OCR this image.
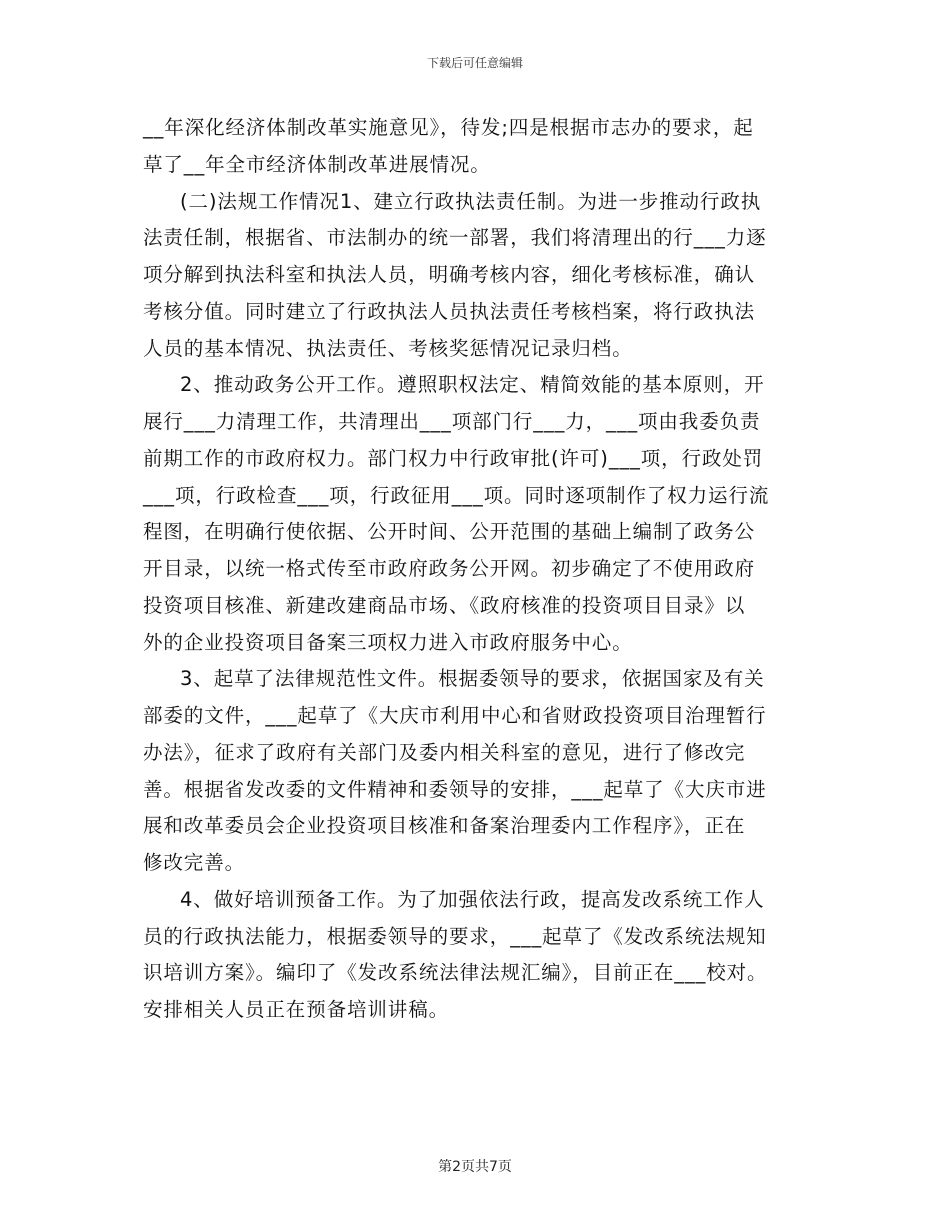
下载后可任意编辑
__年深化经济体制改革实施意见》，待发;四是根据市志办的要求，起
草了__年全市经济体制改革进展情况。
(二)法规工作情况1、建立行政执法责任制。为进一步推动行政执
法责任制，根据省、市法制办的统一部署，我们将清理出的行___力逐
项分解到执法科室和执法人员，明确考核内容，细化考核标准，确认
考核分值。同时建立了行政执法人员执法责任考核档案，将行政执法
人员的基本情况、执法责任、考核奖惩情况记录归档。
2、推动政务公开工作。遵照职权法定、精简效能的基本原则，开
展行___力清理工作，共清理出___项部门行___力，___项由我委负责
前期工作的市政府权力。部门权力中行政审批(许可)___项，行政处罚
___项，行政检查___项，行政征用___项。同时逐项制作了权力运行流
程图，在明确行使依据、公开时间、公开范围的基础上编制了政务公
开目录，以统一格式传至市政府政务公开网。初步确定了不使用政府
投资项目核准、新建改建商品市场、《政府核准的投资项目目录》以
外的企业投资项目备案三项权力进入市政府服务中心。
3、起草了法律规范性文件。根据委领导的要求，依据国家及有关
部委的文件，___起草了《大庆市利用中心和省财政投资项目治理暂行
办法》，征求了政府有关部门及委内相关科室的意见，进行了修改完
善。根据省发改委的文件精神和委领导的安排，___起草了《大庆市进
展和改革委员会企业投资项目核准和备案治理委内工作程序》，正在
修改完善。
4、做好培训预备工作。为了加强依法行政，提高发改系统工作人
员的行政执法能力，根据委领导的要求，___起草了《发改系统法规知
识培训方案》。编印了《发改系统法律法规汇编》，目前正在___校对。
安排相关人员正在预备培训讲稿。
第2页共7页
